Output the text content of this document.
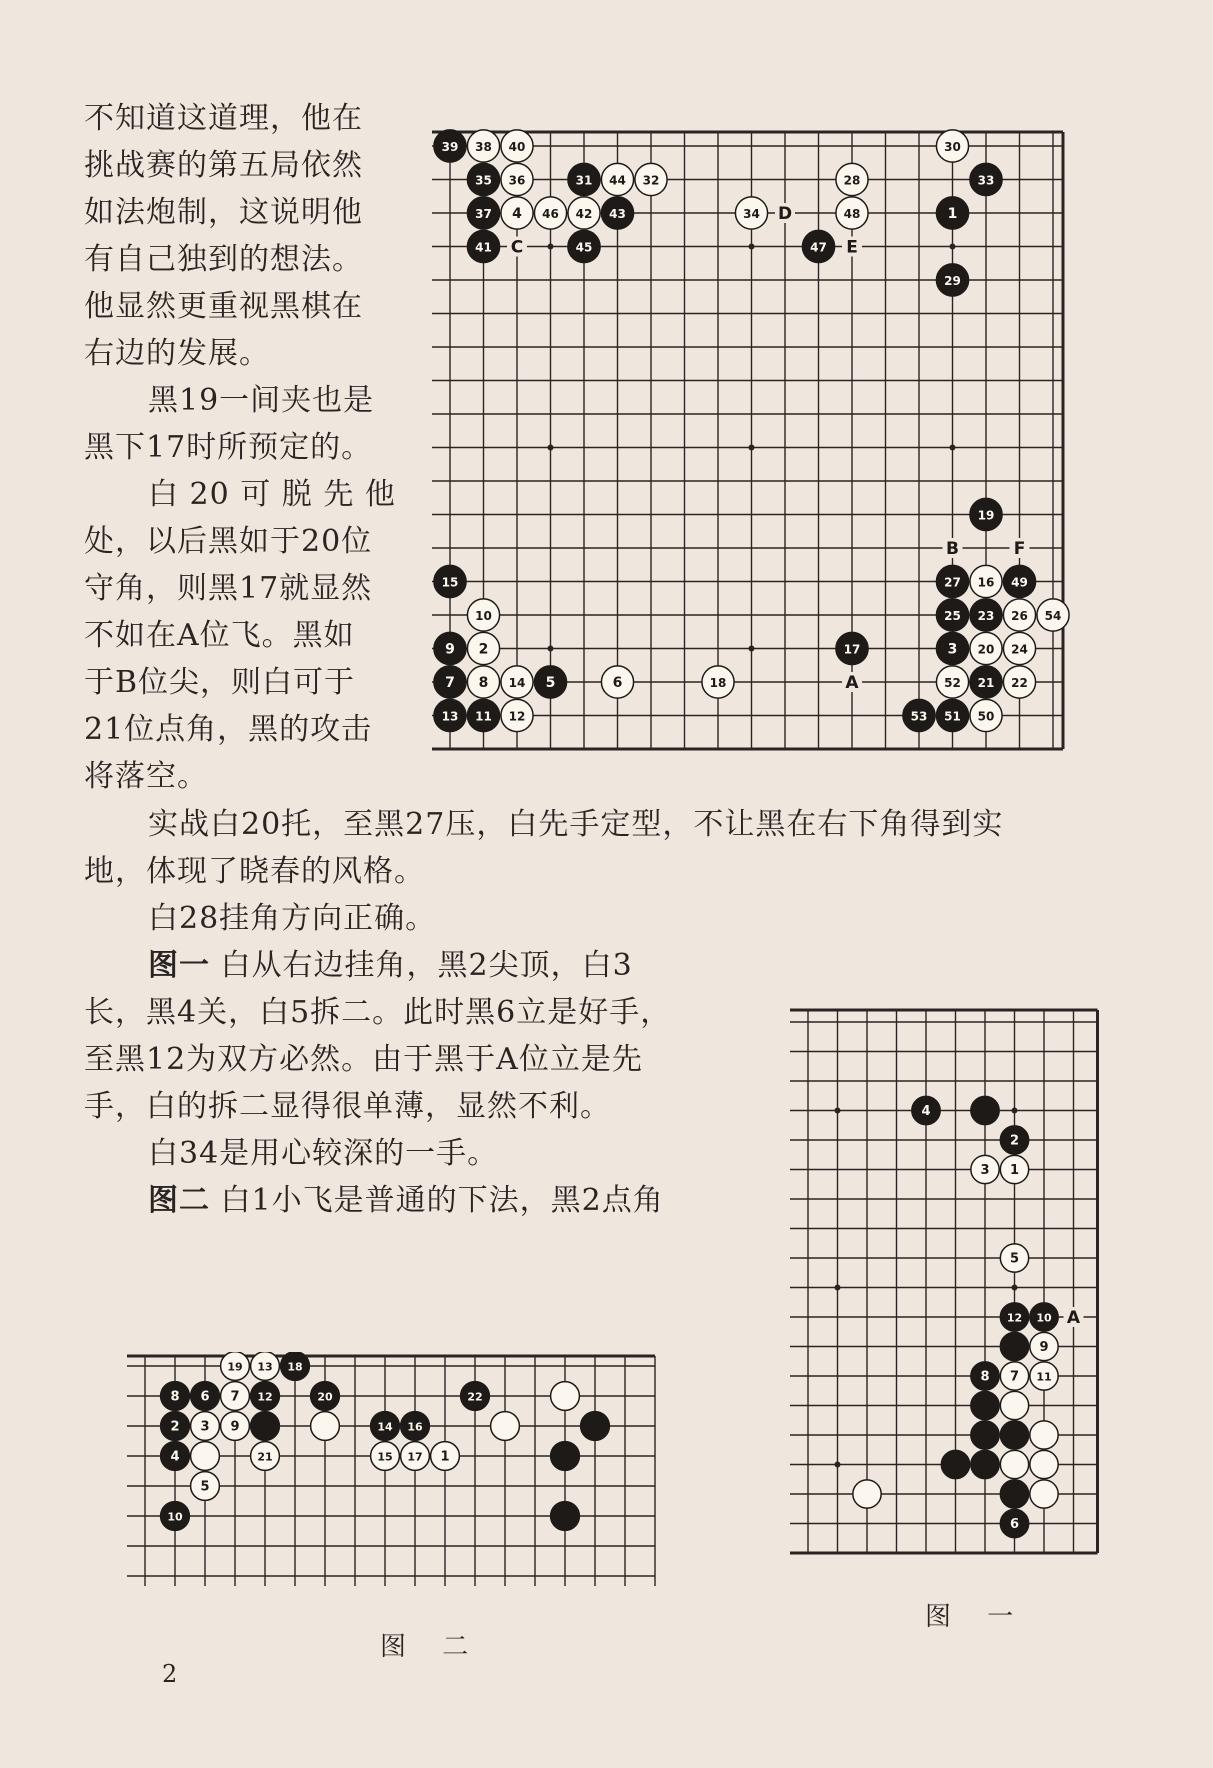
不知道这道理，他在
挑战赛的第五局依然
如法炮制，这说明他
有自己独到的想法。
他显然更重视黑棋在
右边的发展。
黑19一间夹也是
黑下17时所预定的。
白 20 可 脱 先 他
处，以后黑如于20位
守角，则黑17就显然
不如在A位飞。黑如
于B位尖，则白可于
21位点角，黑的攻击
将落空。
实战白20托，至黑27压，白先手定型，不让黑在右下角得到实
地，体现了晓春的风格。
白28挂角方向正确。
图一 白从右边挂角，黑2尖顶，白3
长，黑4关，白5拆二。此时黑6立是好手，
至黑12为双方必然。由于黑于A位立是先
手，白的拆二显得很单薄，显然不利。
白34是用心较深的一手。
图二 白1小飞是普通的下法，黑2点角
39 38 40
35 36
37 4
41
31 44 32
46 42 43
45
34
28
48
47
30
33
1
29
19
15
10
9 2
7 8 14 5	6	18
13 11 12
17
27 16 49
25 23 26 54
3 20 24
52 21 22
53 51 50
C
D
E
B	F
A
4
2
3 1
5
12 10
9
8 7 11
6
A
图 一
19 13 18
8 6 7 12	20
2 3 9
4	21
5
10
14 16
15 17 1
22
图 二
2
